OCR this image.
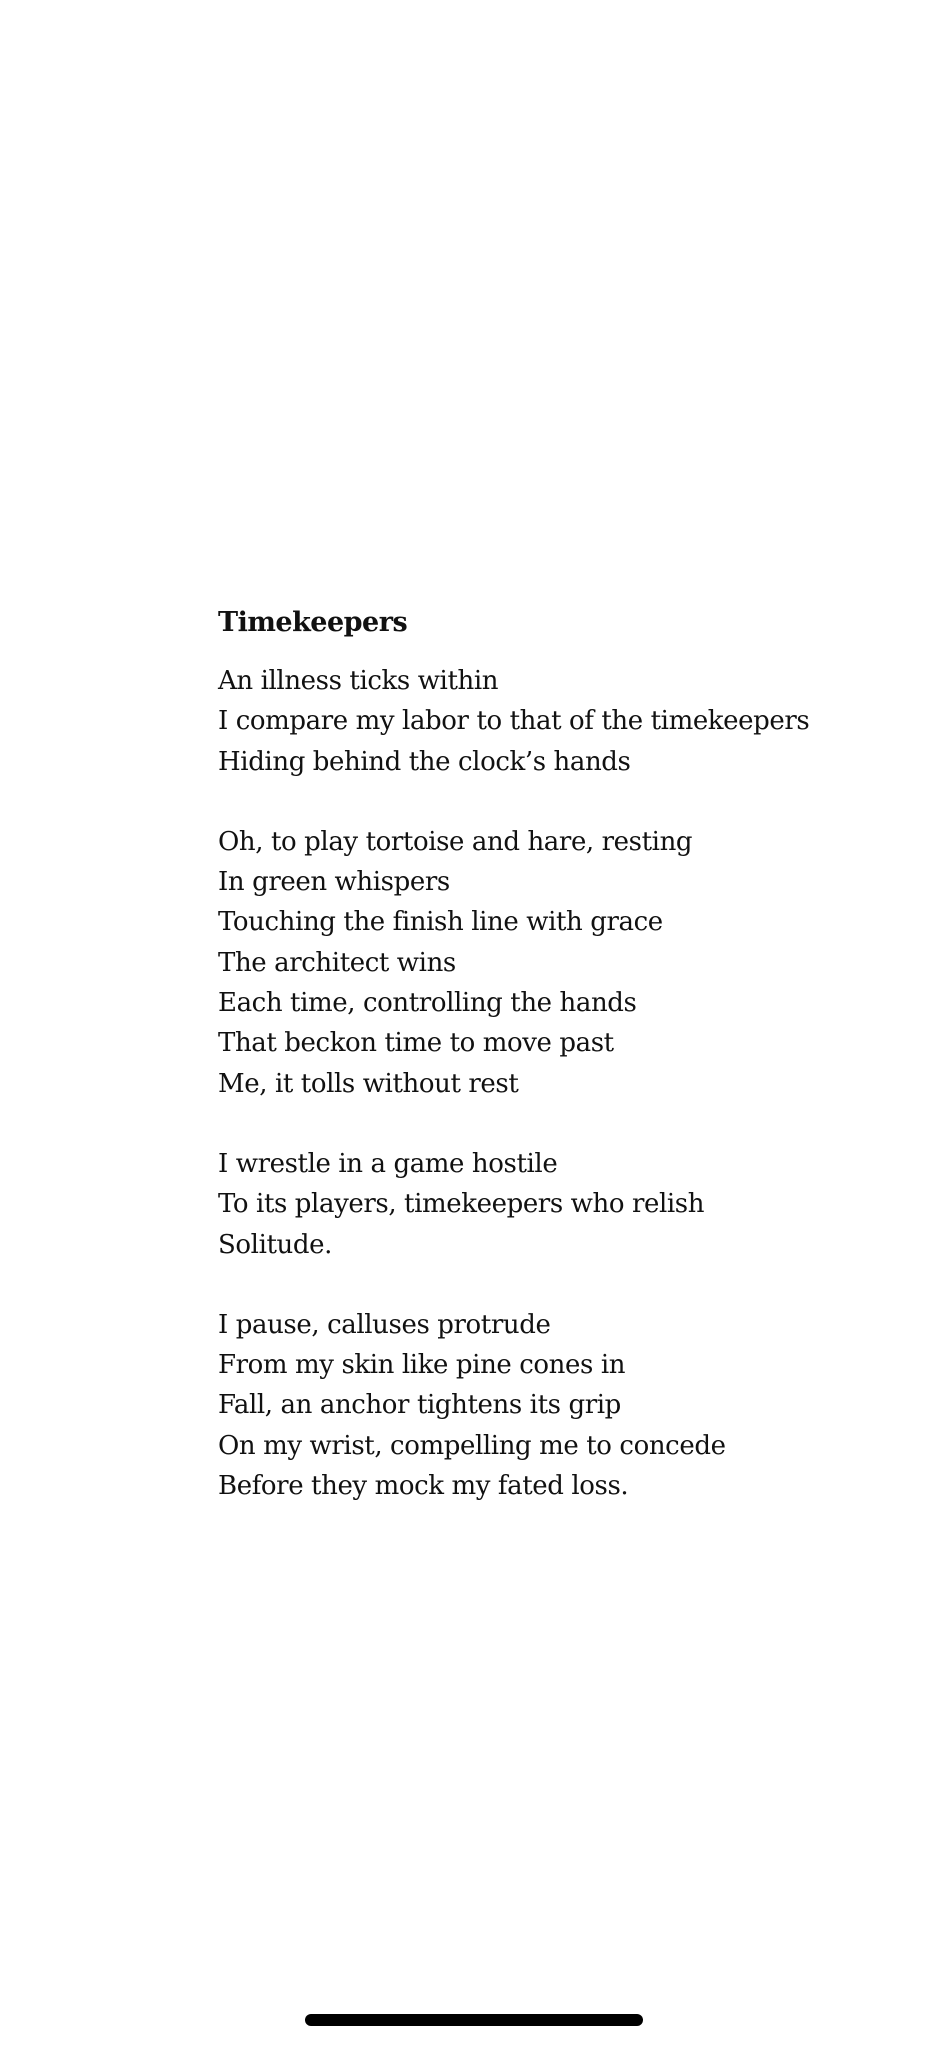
Timekeepers
An illness ticks within
I compare my labor to that of the timekeepers
Hiding behind the clock’s hands
Oh, to play tortoise and hare, resting
In green whispers
Touching the finish line with grace
The architect wins
Each time, controlling the hands
That beckon time to move past
Me, it tolls without rest
I wrestle in a game hostile
To its players, timekeepers who relish
Solitude.
I pause, calluses protrude
From my skin like pine cones in
Fall, an anchor tightens its grip
On my wrist, compelling me to concede
Before they mock my fated loss.
